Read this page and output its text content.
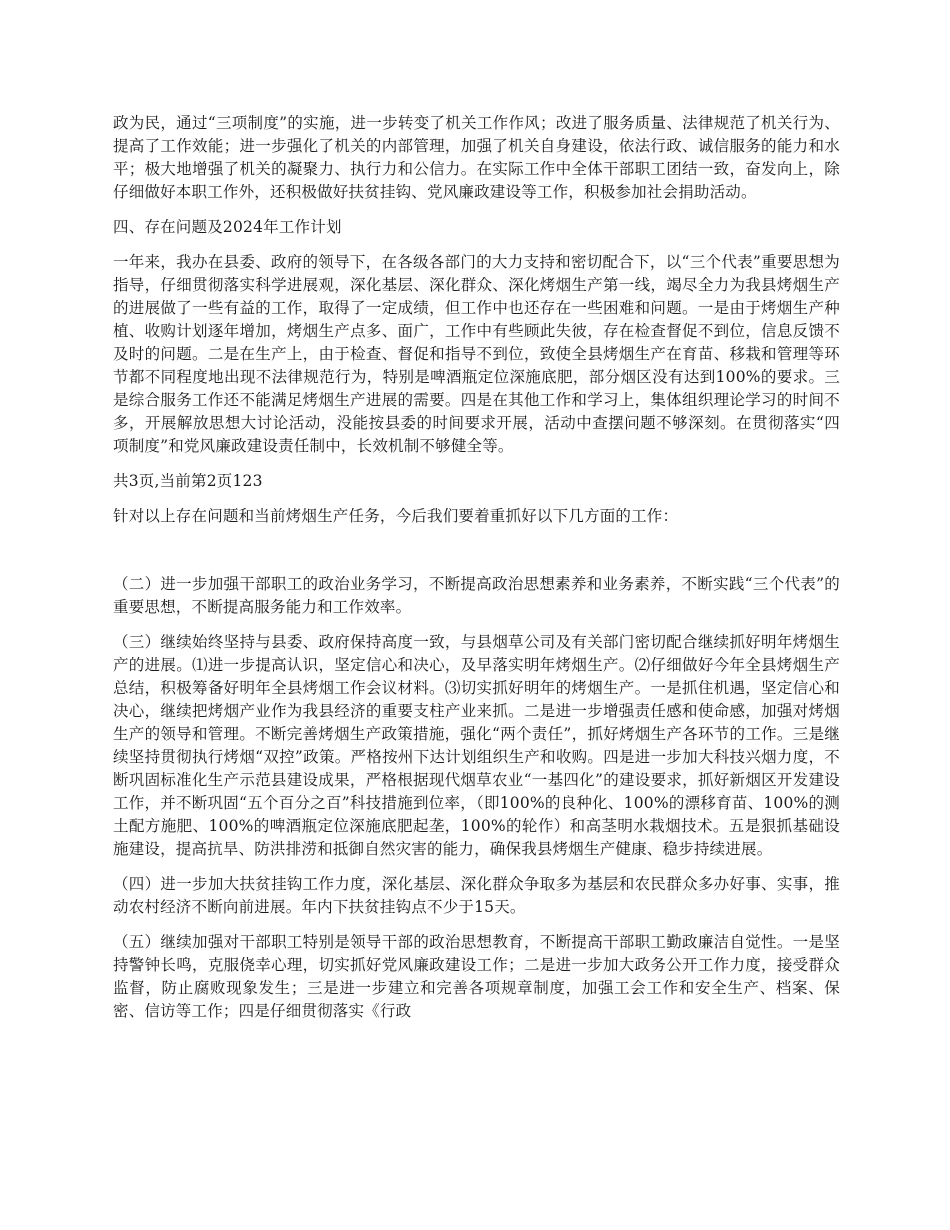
政为民，通过“三项制度”的实施，进一步转变了机关工作作风；改进了服务质量、法律规范了机关行为、提高了工作效能；进一步强化了机关的内部管理，加强了机关自身建设，依法行政、诚信服务的能力和水平；极大地增强了机关的凝聚力、执行力和公信力。在实际工作中全体干部职工团结一致，奋发向上，除仔细做好本职工作外，还积极做好扶贫挂钩、党风廉政建设等工作，积极参加社会捐助活动。

四、存在问题及2024年工作计划

一年来，我办在县委、政府的领导下，在各级各部门的大力支持和密切配合下，以“三个代表”重要思想为指导，仔细贯彻落实科学进展观，深化基层、深化群众、深化烤烟生产第一线，竭尽全力为我县烤烟生产的进展做了一些有益的工作，取得了一定成绩，但工作中也还存在一些困难和问题。一是由于烤烟生产种植、收购计划逐年增加，烤烟生产点多、面广，工作中有些顾此失彼，存在检查督促不到位，信息反馈不及时的问题。二是在生产上，由于检查、督促和指导不到位，致使全县烤烟生产在育苗、移栽和管理等环节都不同程度地出现不法律规范行为，特别是啤酒瓶定位深施底肥，部分烟区没有达到100%的要求。三是综合服务工作还不能满足烤烟生产进展的需要。四是在其他工作和学习上，集体组织理论学习的时间不多，开展解放思想大讨论活动，没能按县委的时间要求开展，活动中查摆问题不够深刻。在贯彻落实“四项制度”和党风廉政建设责任制中，长效机制不够健全等。

共3页,当前第2页123

针对以上存在问题和当前烤烟生产任务，今后我们要着重抓好以下几方面的工作：

（二）进一步加强干部职工的政治业务学习，不断提高政治思想素养和业务素养，不断实践“三个代表”的重要思想，不断提高服务能力和工作效率。

（三）继续始终坚持与县委、政府保持高度一致，与县烟草公司及有关部门密切配合继续抓好明年烤烟生产的进展。⑴进一步提高认识，坚定信心和决心，及早落实明年烤烟生产。⑵仔细做好今年全县烤烟生产总结，积极筹备好明年全县烤烟工作会议材料。⑶切实抓好明年的烤烟生产。一是抓住机遇，坚定信心和决心，继续把烤烟产业作为我县经济的重要支柱产业来抓。二是进一步增强责任感和使命感，加强对烤烟生产的领导和管理。不断完善烤烟生产政策措施，强化“两个责任”，抓好烤烟生产各环节的工作。三是继续坚持贯彻执行烤烟“双控”政策。严格按州下达计划组织生产和收购。四是进一步加大科技兴烟力度，不断巩固标准化生产示范县建设成果，严格根据现代烟草农业“一基四化”的建设要求，抓好新烟区开发建设工作，并不断巩固“五个百分之百”科技措施到位率，（即100%的良种化、100%的漂移育苗、100%的测土配方施肥、100%的啤酒瓶定位深施底肥起垄，100%的轮作）和高茎明水栽烟技术。五是狠抓基础设施建设，提高抗旱、防洪排涝和抵御自然灾害的能力，确保我县烤烟生产健康、稳步持续进展。

（四）进一步加大扶贫挂钩工作力度，深化基层、深化群众争取多为基层和农民群众多办好事、实事，推动农村经济不断向前进展。年内下扶贫挂钩点不少于15天。

（五）继续加强对干部职工特别是领导干部的政治思想教育，不断提高干部职工勤政廉洁自觉性。一是坚持警钟长鸣，克服侥幸心理，切实抓好党风廉政建设工作；二是进一步加大政务公开工作力度，接受群众监督，防止腐败现象发生；三是进一步建立和完善各项规章制度，加强工会工作和安全生产、档案、保密、信访等工作；四是仔细贯彻落实《行政
